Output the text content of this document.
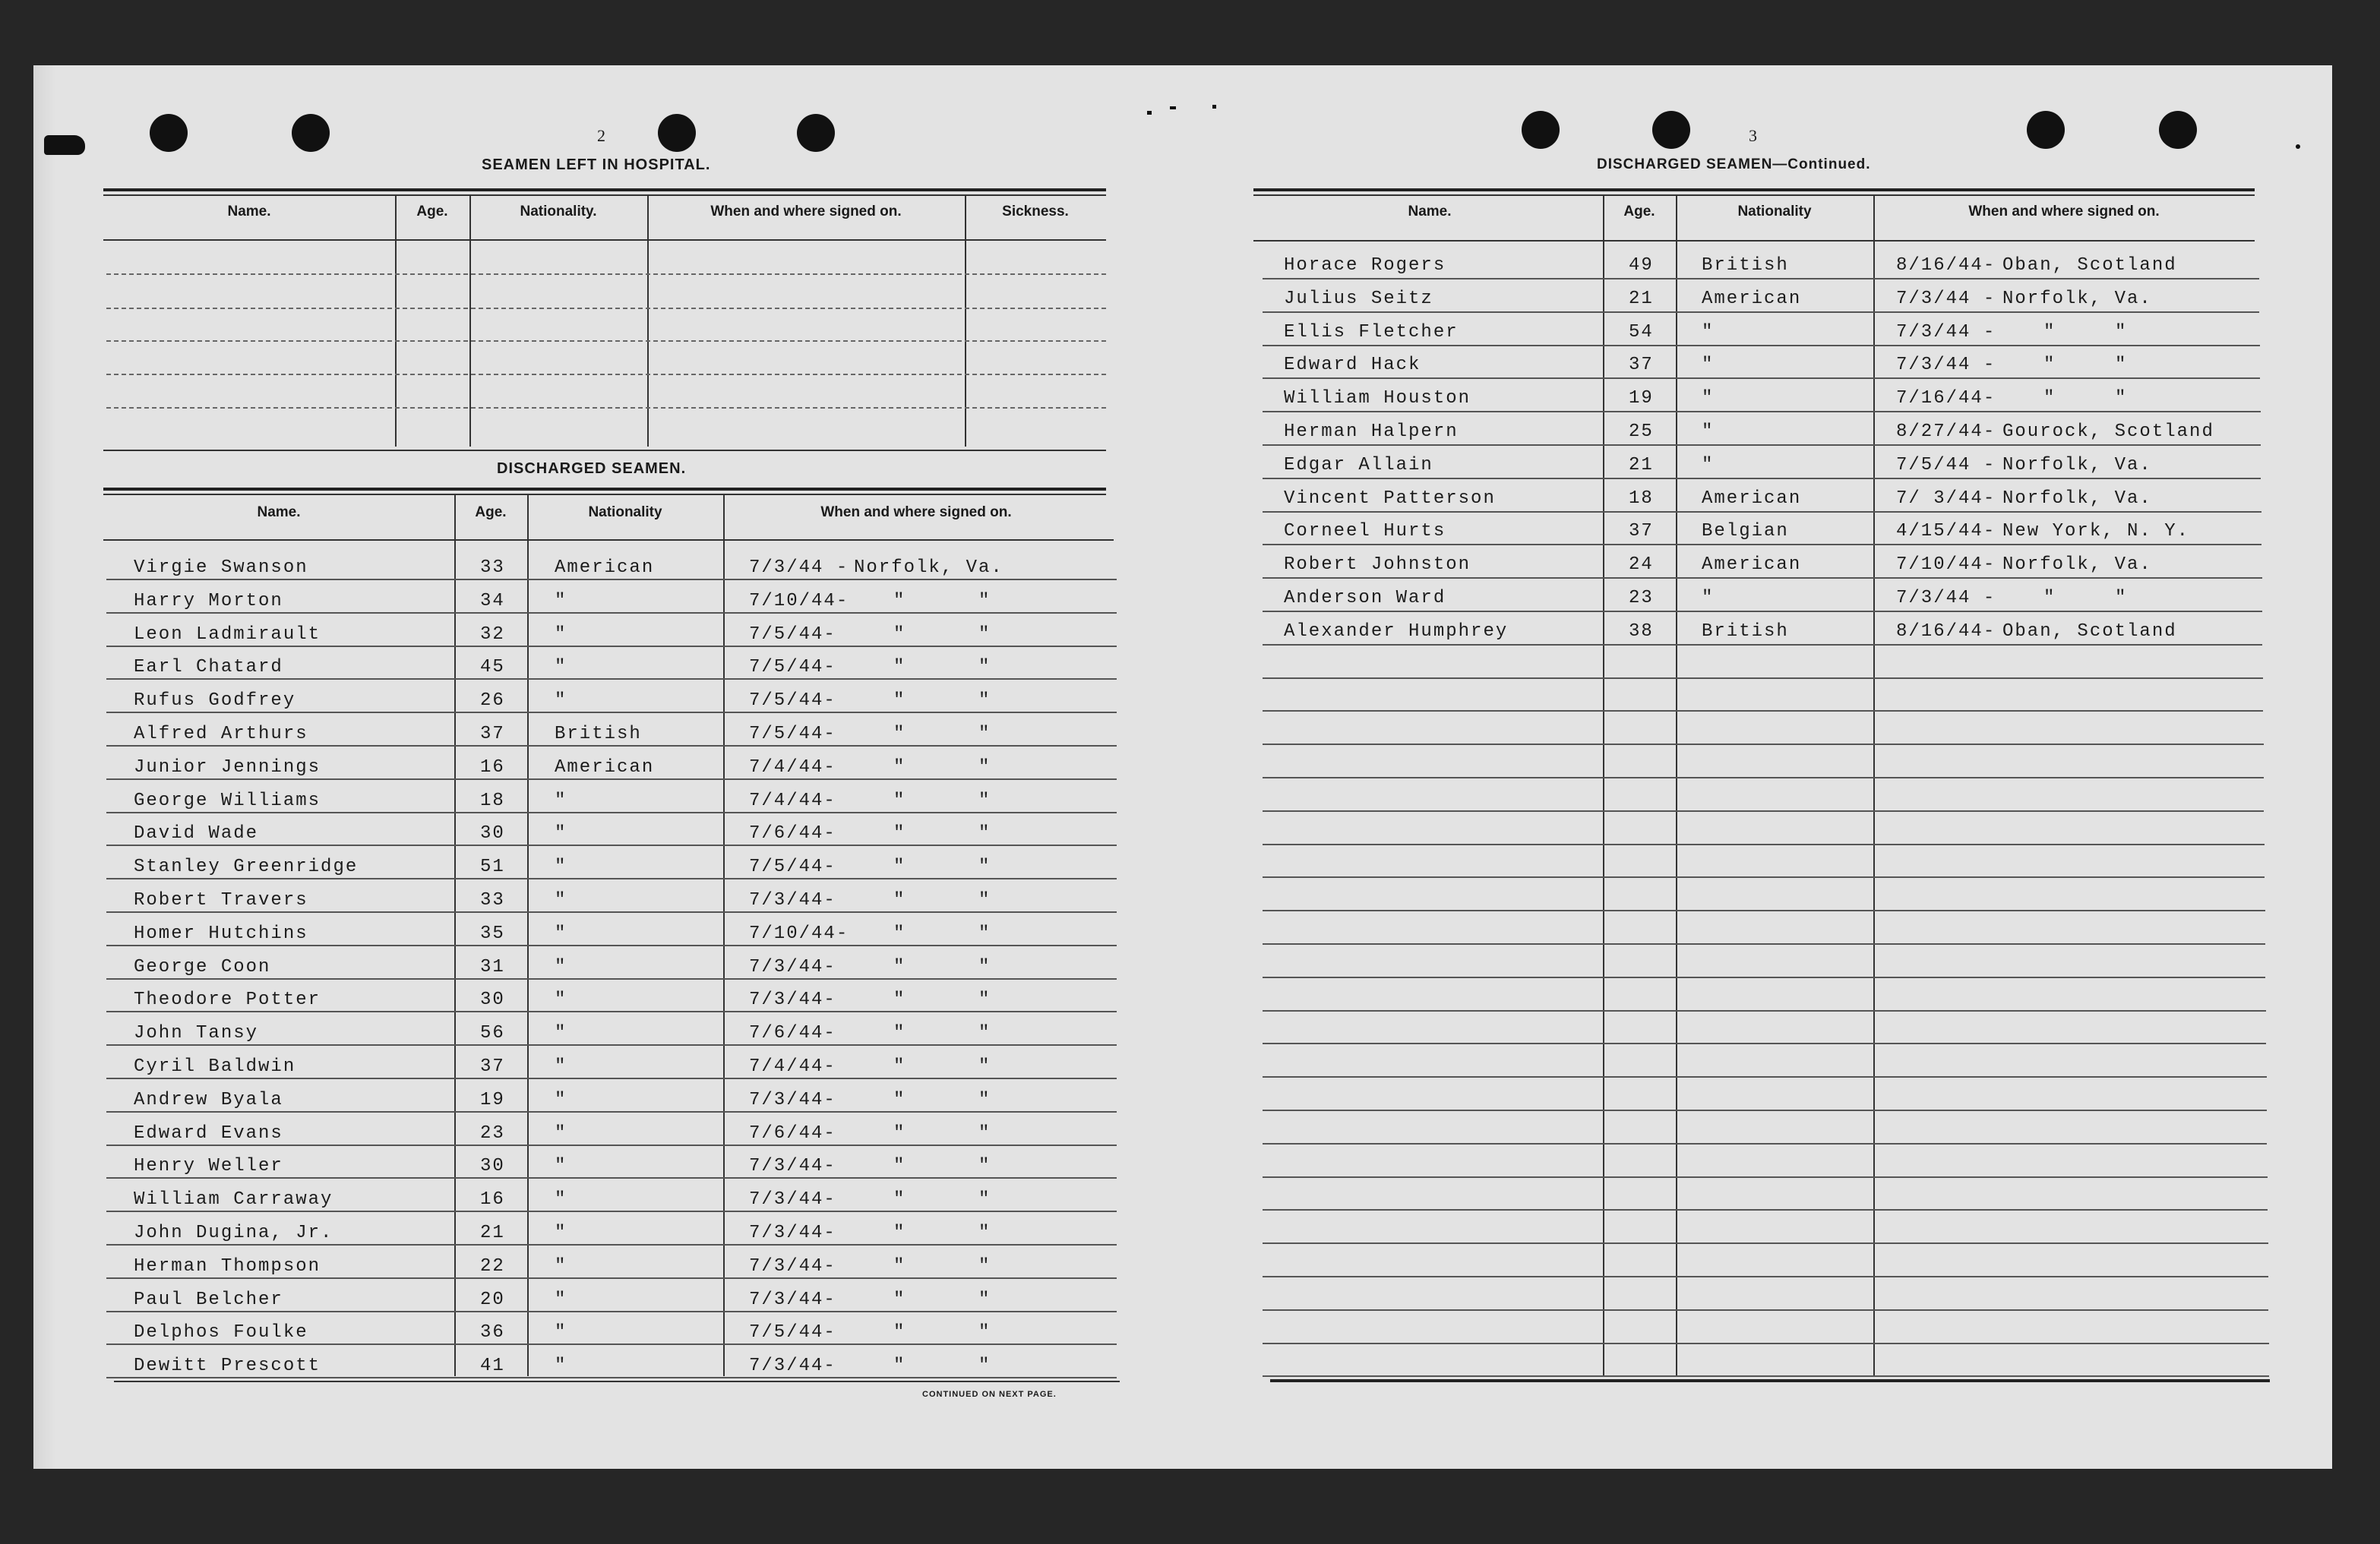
2
SEAMEN LEFT IN HOSPITAL.
Name.	Age.	Nationality.	When and where signed on.	Sickness.
DISCHARGED SEAMEN.
Name.	Age.	Nationality	When and where signed on.
Virgie Swanson	33	American	7/3/44 - Norfolk, Va.
Harry Morton	34	"	7/10/44- "	"
Leon Ladmirault	32	"	7/5/44-	"	"
Earl Chatard	45	"	7/5/44-	"	"
Rufus Godfrey	26	"	7/5/44-	"	"
Alfred Arthurs	37	British	7/5/44-	"	"
Junior Jennings	16	American	7/4/44-	"	"
George Williams	18	"	7/4/44-	"	"
David Wade	30	"	7/6/44-	"	"
Stanley Greenridge	51	"	7/5/44-	"	"
Robert Travers	33	"	7/3/44-	"	"
Homer Hutchins	35	"	7/10/44- "	"
George Coon	31	"	7/3/44-	"	"
Theodore Potter	30	"	7/3/44-	"	"
John Tansy	56	"	7/6/44-	"	"
Cyril Baldwin	37	"	7/4/44-	"	"
Andrew Byala	19	"	7/3/44-	"	"
Edward Evans	23	"	7/6/44-	"	"
Henry Weller	30	"	7/3/44-	"	"
William Carraway	16	"	7/3/44-	"	"
John Dugina, Jr.	21	"	7/3/44-	"	"
Herman Thompson	22	"	7/3/44-	"	"
Paul Belcher	20	"	7/3/44-	"	"
Delphos Foulke	36	"	7/5/44-	"	"
Dewitt Prescott	41	"	7/3/44-	"	"
CONTINUED ON NEXT PAGE.
3
DISCHARGED SEAMEN—Continued.
Name.	Age.	Nationality	When and where signed on.
Horace Rogers	49	British	8/16/44- Oban, Scotland
Julius Seitz	21	American	7/3/44 - Norfolk, Va.
Ellis Fletcher	54	"	7/3/44 -	"	"
Edward Hack	37	"	7/3/44 -	"	"
William Houston	19	"	7/16/44-	"	"
Herman Halpern	25	"	8/27/44- Gourock, Scotland
Edgar Allain	21	"	7/5/44 - Norfolk, Va.
Vincent Patterson	18	American	7/ 3/44- Norfolk, Va.
Corneel Hurts	37	Belgian	4/15/44- New York, N. Y.
Robert Johnston	24	American	7/10/44- Norfolk, Va.
Anderson Ward	23	"	7/3/44 -	"	"
Alexander Humphrey	38	British	8/16/44- Oban, Scotland
